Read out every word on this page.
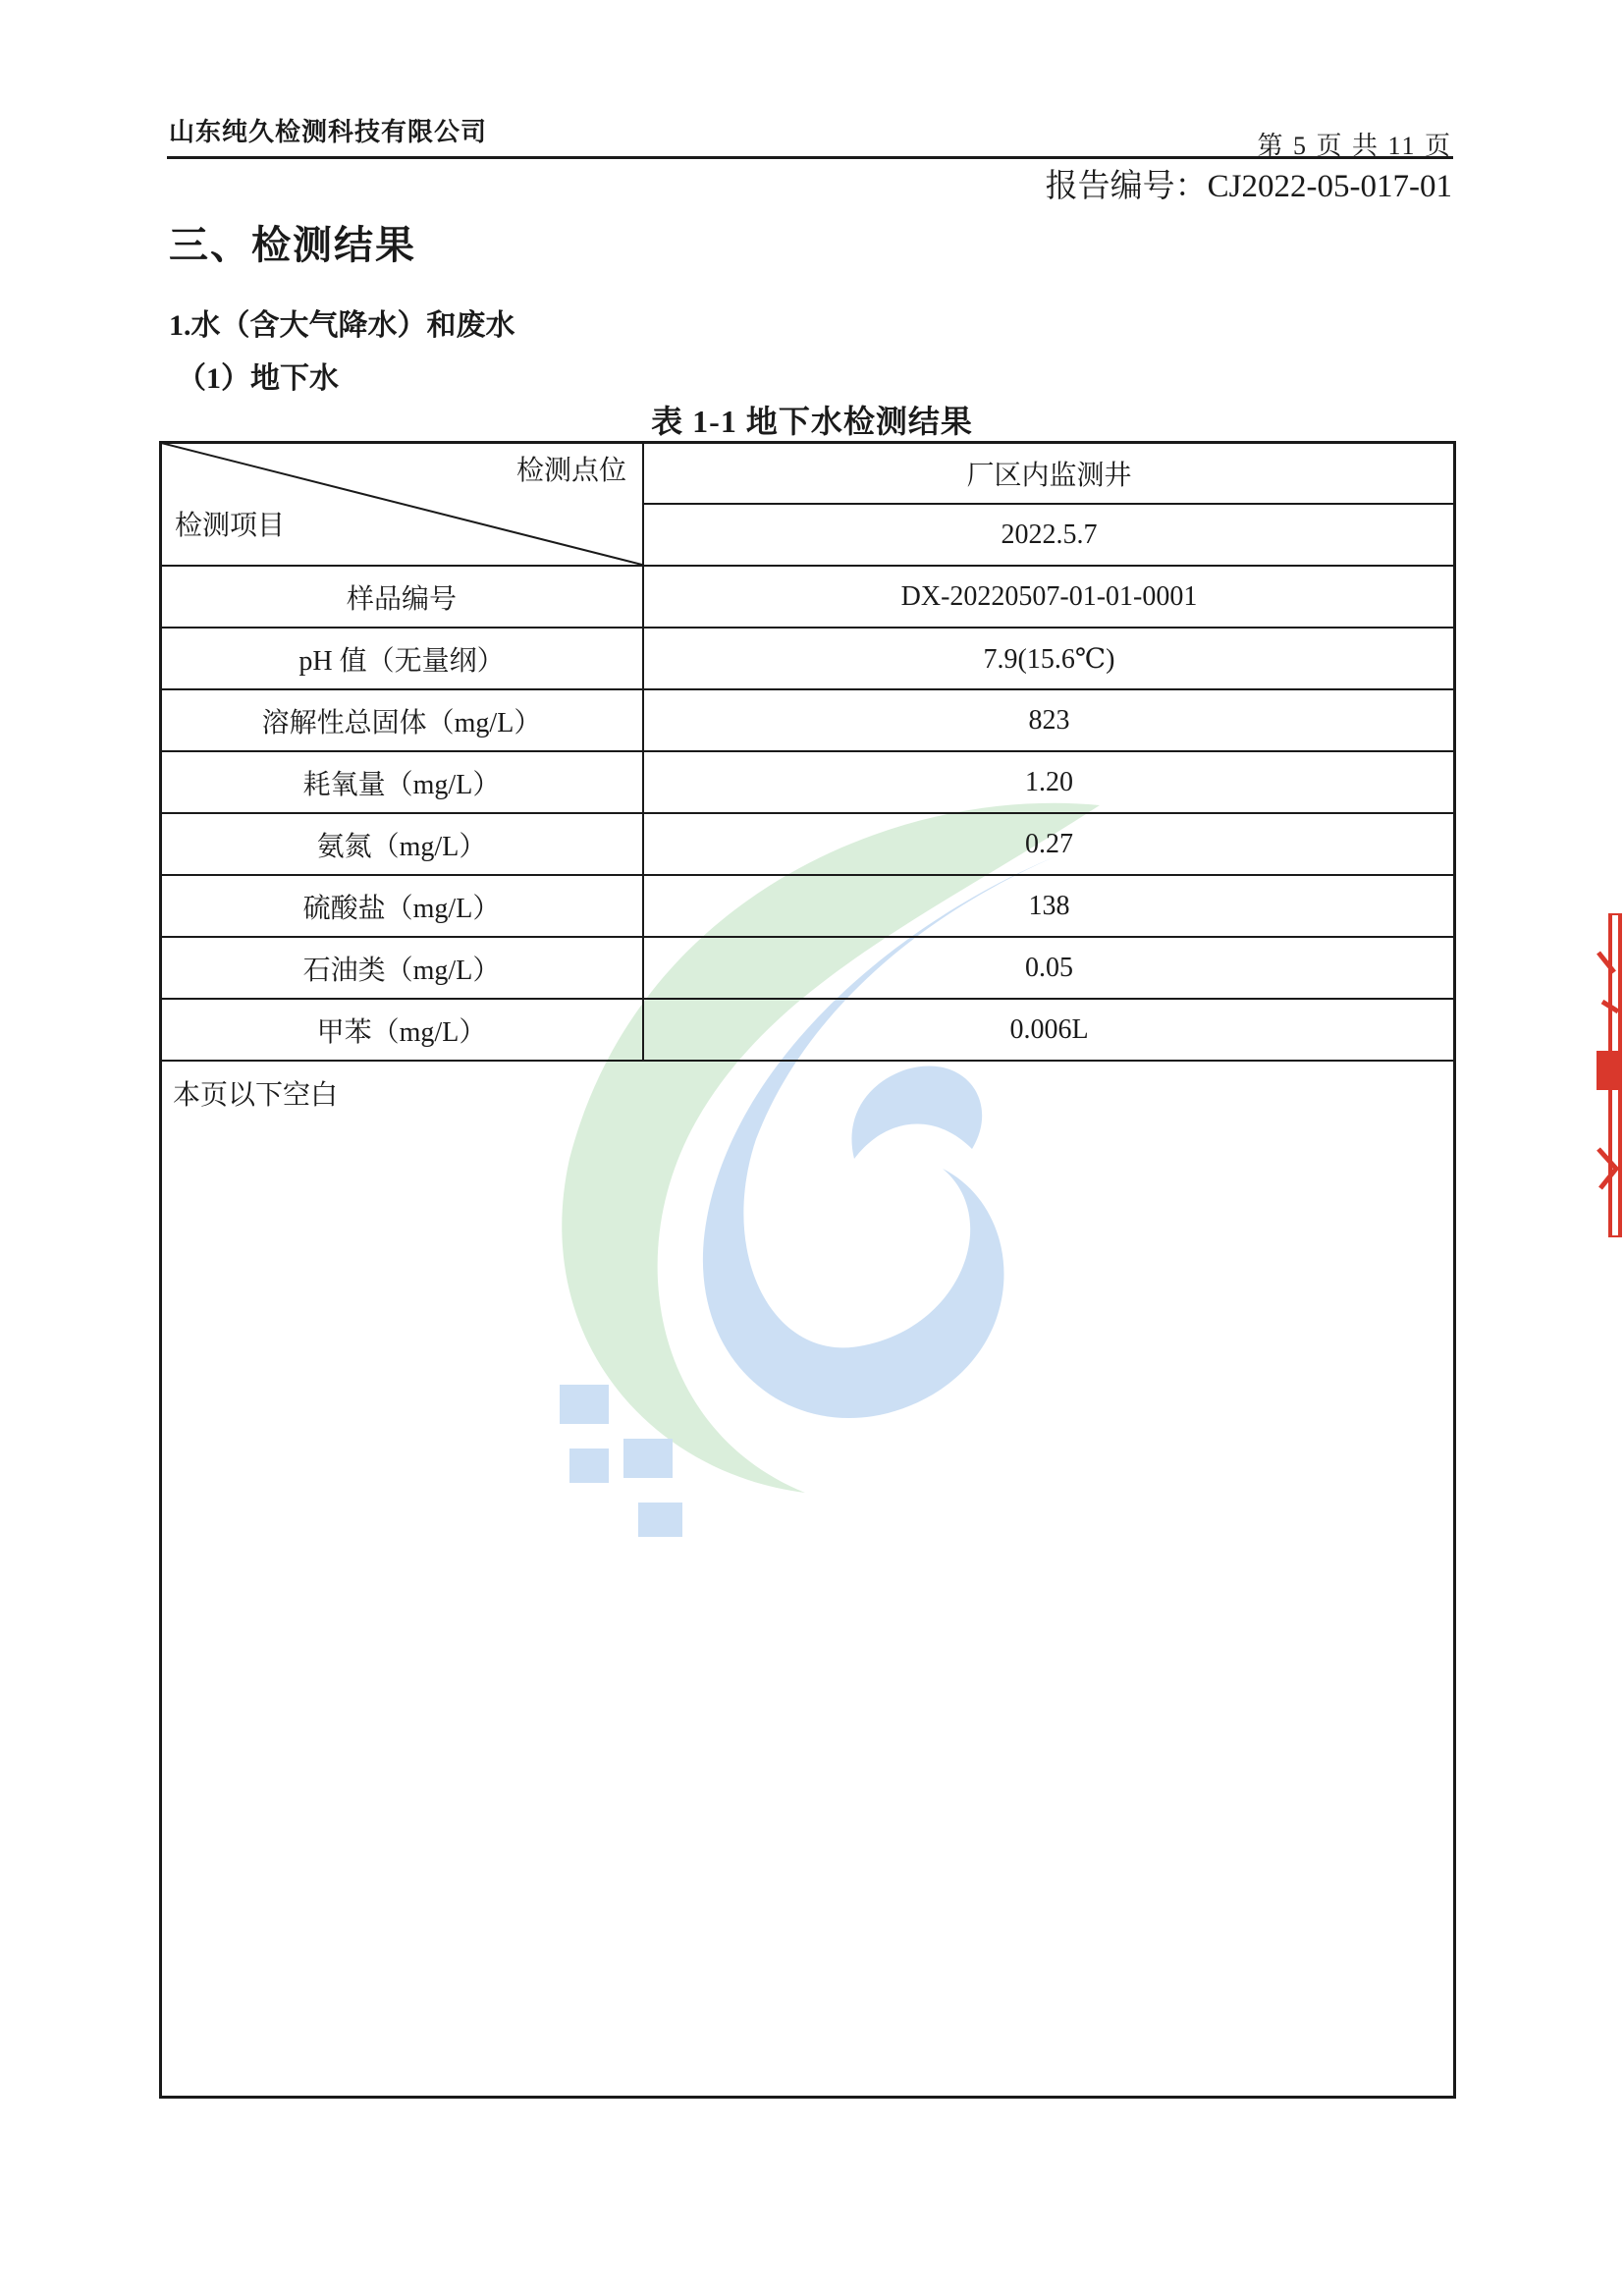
山东纯久检测科技有限公司	第 5 页 共 11 页
报告编号：CJ2022-05-017-01
三、检测结果
1.水（含大气降水）和废水
（1）地下水
表 1-1 地下水检测结果
检测点位
检测项目	厂区内监测井
	2022.5.7
样品编号	DX-20220507-01-01-0001
pH 值（无量纲）	7.9(15.6℃)
溶解性总固体（mg/L）	823
耗氧量（mg/L）	1.20
氨氮（mg/L）	0.27
硫酸盐（mg/L）	138
石油类（mg/L）	0.05
甲苯（mg/L）	0.006L
本页以下空白
